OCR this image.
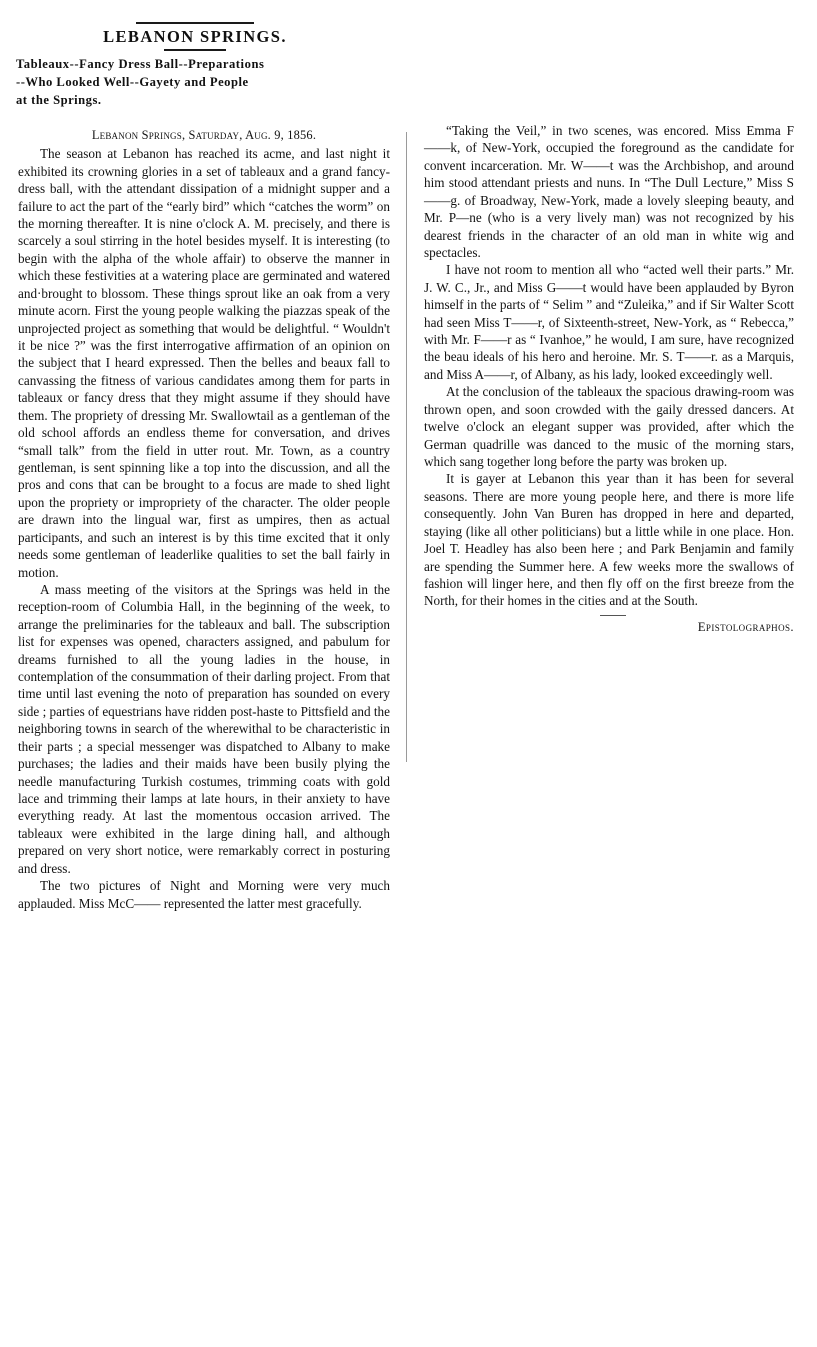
LEBANON SPRINGS.
Tableaux--Fancy Dress Ball--Preparations
--Who Looked Well--Gayety and People
at the Springs.
Lebanon Springs, Saturday, Aug. 9, 1856.

The season at Lebanon has reached its acme, and last night it exhibited its crowning glories in a set of tableaux and a grand fancy-dress ball, with the attendant dissipation of a midnight supper and a failure to act the part of the “early bird” which “catches the worm” on the morning thereafter. It is nine o'clock A. M. precisely, and there is scarcely a soul stirring in the hotel besides myself. It is interesting (to begin with the alpha of the whole affair) to observe the manner in which these festivities at a watering place are germinated and watered and·brought to blossom. These things sprout like an oak from a very minute acorn. First the young people walking the piazzas speak of the unprojected project as something that would be delightful. “ Wouldn't it be nice ?” was the first interrogative affirmation of an opinion on the subject that I heard expressed. Then the belles and beaux fall to canvassing the fitness of various candidates among them for parts in tableaux or fancy dress that they might assume if they should have them. The propriety of dressing Mr. Swallowtail as a gentleman of the old school affords an endless theme for conversation, and drives “small talk” from the field in utter rout. Mr. Town, as a country gentleman, is sent spinning like a top into the discussion, and all the pros and cons that can be brought to a focus are made to shed light upon the propriety or impropriety of the character. The older people are drawn into the lingual war, first as umpires, then as actual participants, and such an interest is by this time excited that it only needs some gentleman of leaderlike qualities to set the ball fairly in motion.

A mass meeting of the visitors at the Springs was held in the reception-room of Columbia Hall, in the beginning of the week, to arrange the preliminaries for the tableaux and ball. The subscription list for expenses was opened, characters assigned, and pabulum for dreams furnished to all the young ladies in the house, in contemplation of the consummation of their darling project. From that time until last evening the noto of preparation has sounded on every side ; parties of equestrians have ridden post-haste to Pittsfield and the neighboring towns in search of the wherewithal to be characteristic in their parts ; a special messenger was dispatched to Albany to make purchases; the ladies and their maids have been busily plying the needle manufacturing Turkish costumes, trimming coats with gold lace and trimming their lamps at late hours, in their anxiety to have everything ready. At last the momentous occasion arrived. The tableaux were exhibited in the large dining hall, and although prepared on very short notice, were remarkably correct in posturing and dress.

The two pictures of Night and Morning were very much applauded. Miss McC—— represented the latter mest gracefully.

“Taking the Veil,” in two scenes, was encored. Miss Emma F——k, of New-York, occupied the foreground as the candidate for convent incarceration. Mr. W——t was the Archbishop, and around him stood attendant priests and nuns. In “The Dull Lecture,” Miss S——g. of Broadway, New-York, made a lovely sleeping beauty, and Mr. P—ne (who is a very lively man) was not recognized by his dearest friends in the character of an old man in white wig and spectacles.

I have not room to mention all who “acted well their parts.” Mr. J. W. C., Jr., and Miss G——t would have been applauded by Byron himself in the parts of “ Selim ” and “Zuleika,” and if Sir Walter Scott had seen Miss T——r, of Sixteenth-street, New-York, as “ Rebecca,” with Mr. F——r as “ Ivanhoe,” he would, I am sure, have recognized the beau ideals of his hero and heroine. Mr. S. T——r. as a Marquis, and Miss A——r, of Albany, as his lady, looked exceedingly well.

At the conclusion of the tableaux the spacious drawing-room was thrown open, and soon crowded with the gaily dressed dancers. At twelve o'clock an elegant supper was provided, after which the German quadrille was danced to the music of the morning stars, which sang together long before the party was broken up.

It is gayer at Lebanon this year than it has been for several seasons. There are more young people here, and there is more life consequently. John Van Buren has dropped in here and departed, staying (like all other politicians) but a little while in one place. Hon. Joel T. Headley has also been here ; and Park Benjamin and family are spending the Summer here. A few weeks more the swallows of fashion will linger here, and then fly off on the first breeze from the North, for their homes in the cities and at the South.

Epistolographos.
